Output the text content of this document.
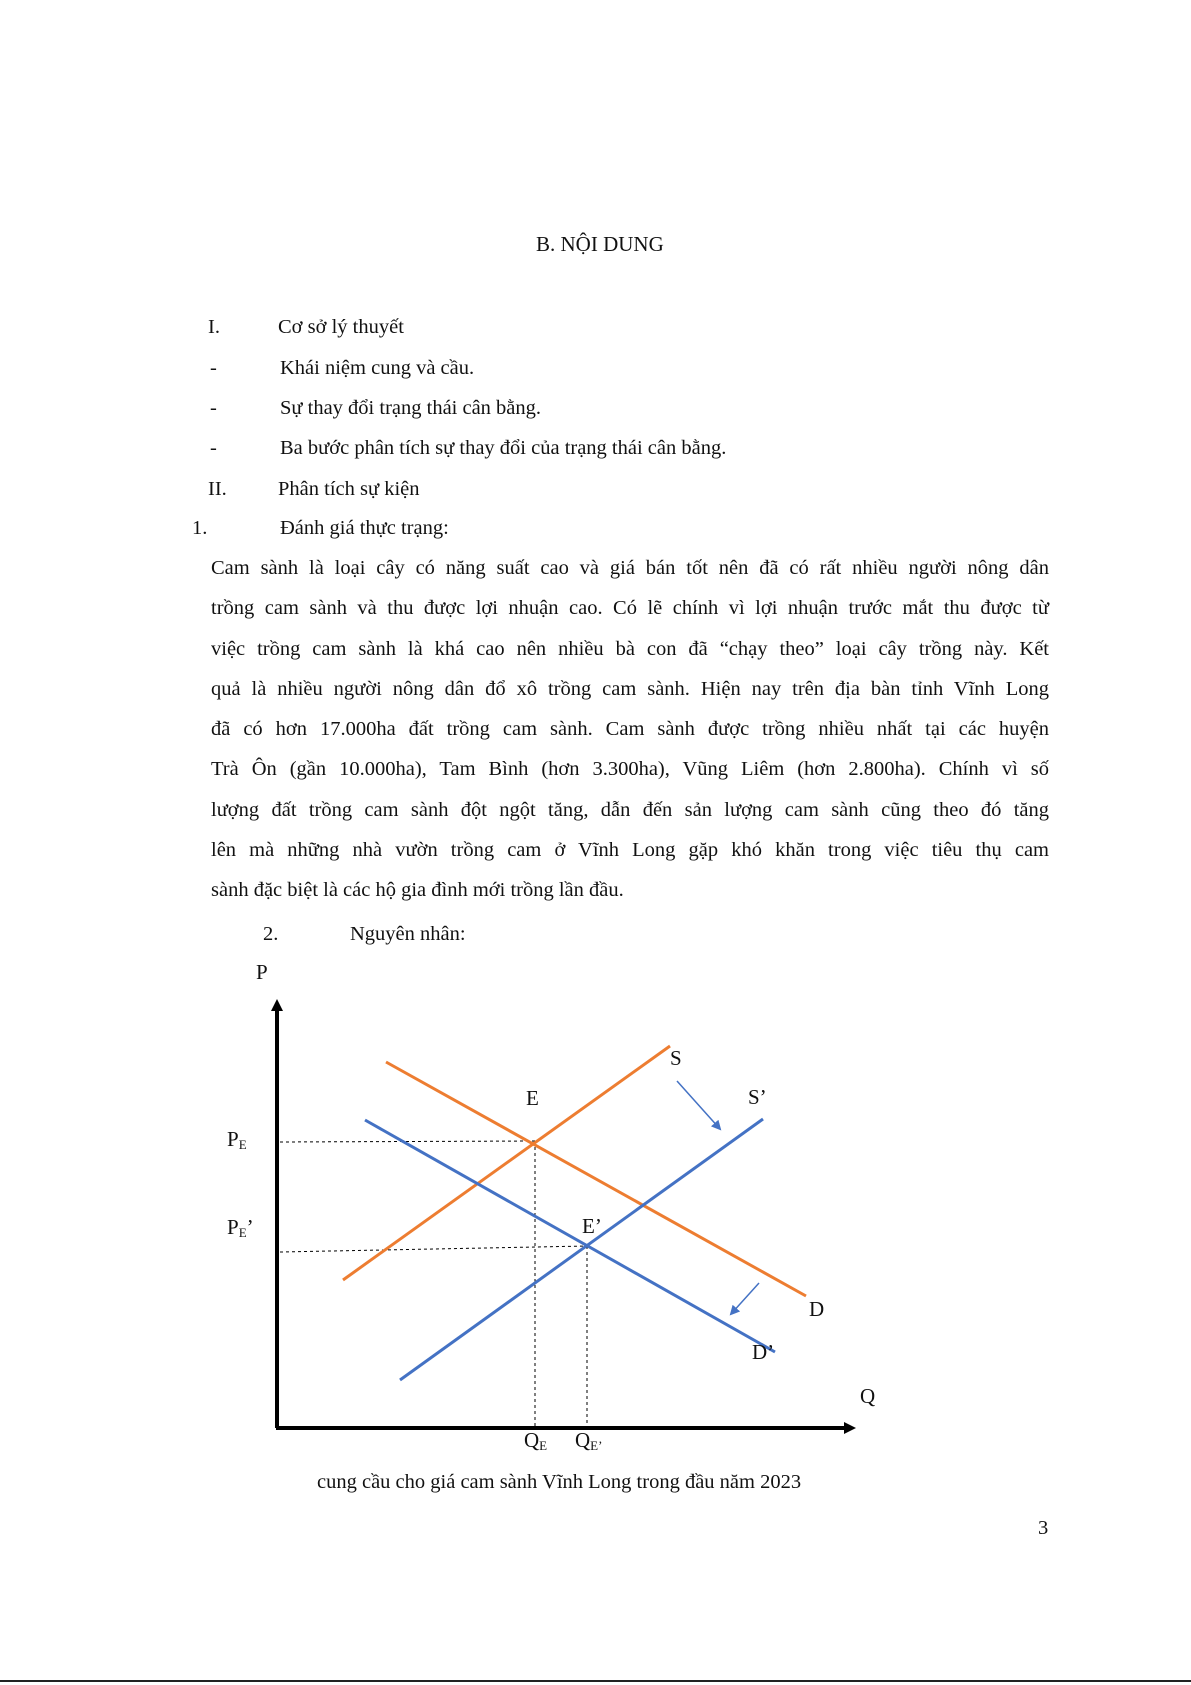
B. NỘI DUNG
I.	Cơ sở lý thuyết
-	Khái niệm cung và cầu.
-	Sự thay đổi trạng thái cân bằng.
-	Ba bước phân tích sự thay đổi của trạng thái cân bằng.
II. Phân tích sự kiện
1.	Đánh giá thực trạng:
Cam sành là loại cây có năng suất cao và giá bán tốt nên đã có rất nhiều người nông dân
trồng cam sành và thu được lợi nhuận cao. Có lẽ chính vì lợi nhuận trước mắt thu được từ
việc trồng cam sành là khá cao nên nhiều bà con đã “chạy theo” loại cây trồng này. Kết
quả là nhiều người nông dân đổ xô trồng cam sành. Hiện nay trên địa bàn tỉnh Vĩnh Long
đã có hơn 17.000ha đất trồng cam sành. Cam sành được trồng nhiều nhất tại các huyện
Trà Ôn (gần 10.000ha), Tam Bình (hơn 3.300ha), Vũng Liêm (hơn 2.800ha). Chính vì số
lượng đất trồng cam sành đột ngột tăng, dẫn đến sản lượng cam sành cũng theo đó tăng
lên mà những nhà vườn trồng cam ở Vĩnh Long gặp khó khăn trong việc tiêu thụ cam
sành đặc biệt là các hộ gia đình mới trồng lần đầu.
2.	Nguyên nhân:
P
Q
S
S’
E
E’
D
D’
$P_E$
$P_E$’
$Q_E$ $Q_{E’}$
cung cầu cho giá cam sành Vĩnh Long trong đầu năm 2023
3
